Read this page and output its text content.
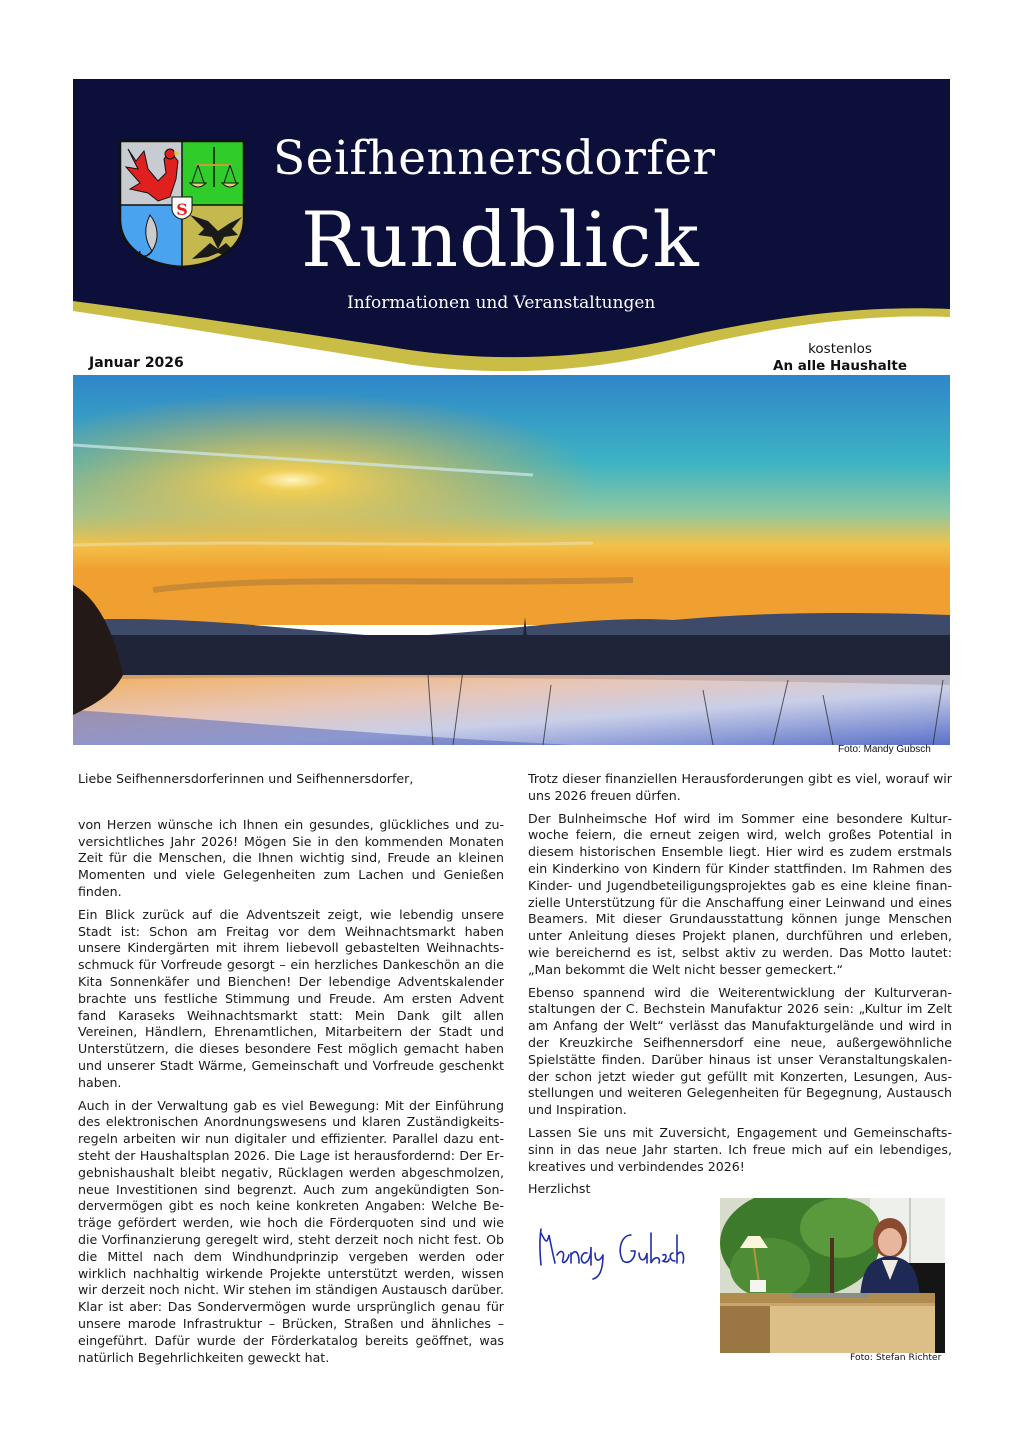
S
Seifhennersdorfer
Rundblick
Informationen und Veranstaltungen
Januar 2026
kostenlos
An alle Haushalte
Foto: Mandy Gubsch

Liebe Seifhennersdorferinnen und Seifhennersdorfer,

von Herzen wünsche ich Ihnen ein gesundes, glückliches und zuversichtliches Jahr 2026! Mögen Sie in den kommenden Monaten Zeit für die Menschen, die Ihnen wichtig sind, Freude an kleinen Momenten und viele Gelegenheiten zum Lachen und Genießen finden.

Ein Blick zurück auf die Adventszeit zeigt, wie lebendig unsere Stadt ist: Schon am Freitag vor dem Weihnachtsmarkt haben unsere Kindergärten mit ihrem liebevoll gebastelten Weihnachtsschmuck für Vorfreude gesorgt – ein herzliches Dankeschön an die Kita Sonnenkäfer und Bienchen! Der lebendige Adventskalender brachte uns festliche Stimmung und Freude. Am ersten Advent fand Karaseks Weihnachtsmarkt statt: Mein Dank gilt allen Vereinen, Händlern, Ehrenamtlichen, Mitarbeitern der Stadt und Unterstützern, die dieses besondere Fest möglich gemacht haben und unserer Stadt Wärme, Gemeinschaft und Vorfreude geschenkt haben.

Auch in der Verwaltung gab es viel Bewegung: Mit der Einführung des elektronischen Anordnungswesens und klaren Zuständigkeitsregeln arbeiten wir nun digitaler und effizienter. Parallel dazu entsteht der Haushaltsplan 2026. Die Lage ist herausfordernd: Der Ergebnishaushalt bleibt negativ, Rücklagen werden abgeschmolzen, neue Investitionen sind begrenzt. Auch zum angekündigten Sondervermögen gibt es noch keine konkreten Angaben: Welche Beträge gefördert werden, wie hoch die Förderquoten sind und wie die Vorfinanzierung geregelt wird, steht derzeit noch nicht fest. Ob die Mittel nach dem Windhundprinzip vergeben werden oder wirklich nachhaltig wirkende Projekte unterstützt werden, wissen wir derzeit noch nicht. Wir stehen im ständigen Austausch darüber. Klar ist aber: Das Sondervermögen wurde ursprünglich genau für unsere marode Infrastruktur – Brücken, Straßen und ähnliches – eingeführt. Dafür wurde der Förderkatalog bereits geöffnet, was natürlich Begehrlichkeiten geweckt hat.

Trotz dieser finanziellen Herausforderungen gibt es viel, worauf wir uns 2026 freuen dürfen.

Der Bulnheimsche Hof wird im Sommer eine besondere Kulturwoche feiern, die erneut zeigen wird, welch großes Potential in diesem historischen Ensemble liegt. Hier wird es zudem erstmals ein Kinderkino von Kindern für Kinder stattfinden. Im Rahmen des Kinder- und Jugendbeteiligungsprojektes gab es eine kleine finanzielle Unterstützung für die Anschaffung einer Leinwand und eines Beamers. Mit dieser Grundausstattung können junge Menschen unter Anleitung dieses Projekt planen, durchführen und erleben, wie bereichernd es ist, selbst aktiv zu werden. Das Motto lautet: „Man bekommt die Welt nicht besser gemeckert.“

Ebenso spannend wird die Weiterentwicklung der Kulturveranstaltungen der C. Bechstein Manufaktur 2026 sein: „Kultur im Zelt am Anfang der Welt“ verlässt das Manufakturgelände und wird in der Kreuzkirche Seifhennersdorf eine neue, außergewöhnliche Spielstätte finden. Darüber hinaus ist unser Veranstaltungskalender schon jetzt wieder gut gefüllt mit Konzerten, Lesungen, Ausstellungen und weiteren Gelegenheiten für Begegnung, Austausch und Inspiration.

Lassen Sie uns mit Zuversicht, Engagement und Gemeinschaftssinn in das neue Jahr starten. Ich freue mich auf ein lebendiges, kreatives und verbindendes 2026!

Herzlichst

Foto: Stefan Richter
